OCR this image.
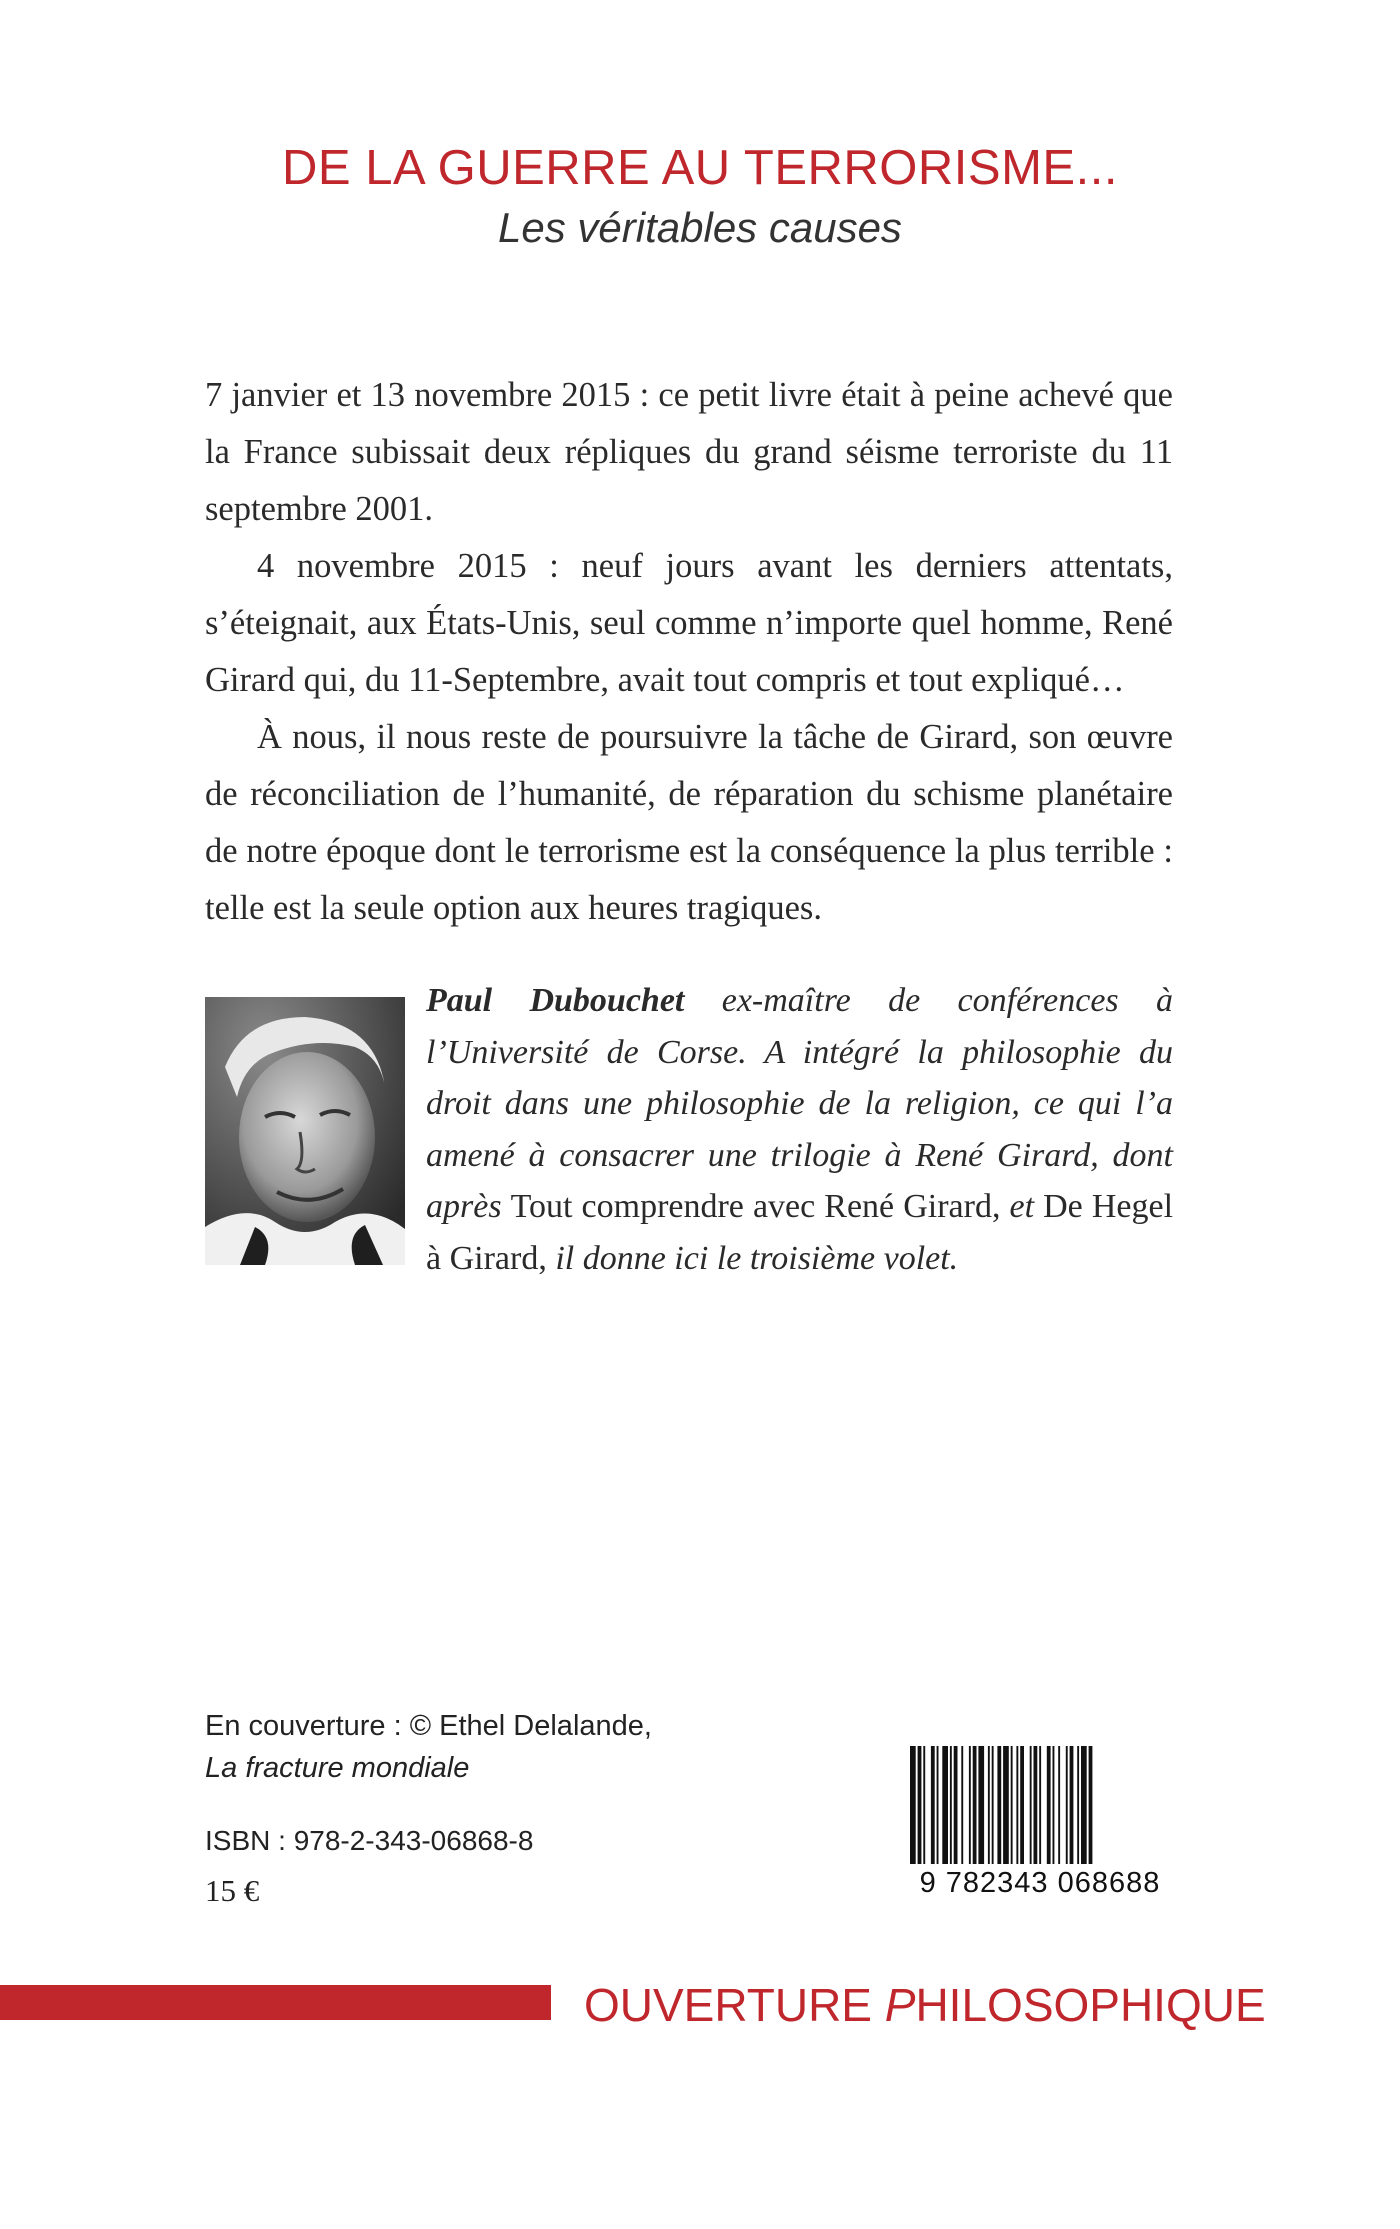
DE LA GUERRE AU TERRORISME...
Les véritables causes

7 janvier et 13 novembre 2015 : ce petit livre était à peine achevé que la France subissait deux répliques du grand séisme terroriste du 11 septembre 2001.

4 novembre 2015 : neuf jours avant les derniers attentats, s’éteignait, aux États-Unis, seul comme n’importe quel homme, René Girard qui, du 11-Septembre, avait tout compris et tout expliqué…

À nous, il nous reste de poursuivre la tâche de Girard, son œuvre de réconciliation de l’humanité, de réparation du schisme planétaire de notre époque dont le terrorisme est la conséquence la plus terrible : telle est la seule option aux heures tragiques.

Paul Dubouchet ex-maître de conférences à l’Université de Corse. A intégré la philosophie du droit dans une philosophie de la religion, ce qui l’a amené à consacrer une trilogie à René Girard, dont après Tout comprendre avec René Girard, et De Hegel à Girard, il donne ici le troisième volet.
En couverture : © Ethel Delalande,
La fracture mondiale
ISBN : 978-2-343-06868-8
15 €	9 782343 068688
OUVERTURE PHILOSOPHIQUE
